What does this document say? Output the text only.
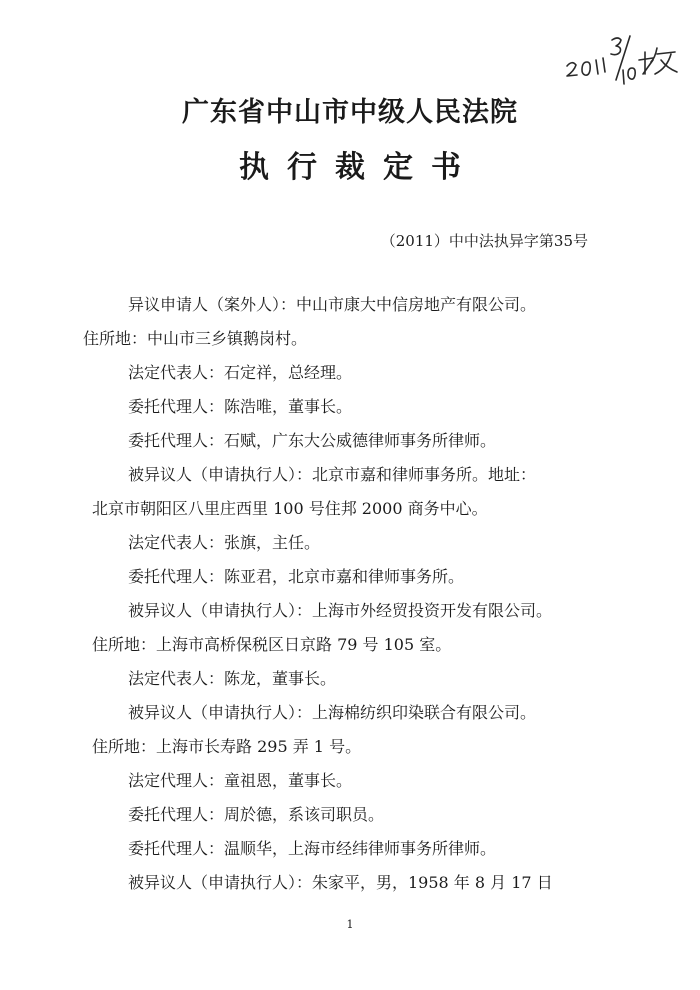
广东省中山市中级人民法院
执行裁定书
（2011）中中法执异字第35号
异议申请人（案外人）：中山市康大中信房地产有限公司。
住所地：中山市三乡镇鹅岗村。
法定代表人：石定祥，总经理。
委托代理人：陈浩唯，董事长。
委托代理人：石赋，广东大公威德律师事务所律师。
被异议人（申请执行人）：北京市嘉和律师事务所。地址：
北京市朝阳区八里庄西里 100 号住邦 2000 商务中心。
法定代表人：张旗，主任。
委托代理人：陈亚君，北京市嘉和律师事务所。
被异议人（申请执行人）：上海市外经贸投资开发有限公司。
住所地：上海市高桥保税区日京路 79 号 105 室。
法定代表人：陈龙，董事长。
被异议人（申请执行人）：上海棉纺织印染联合有限公司。
住所地：上海市长寿路 295 弄 1 号。
法定代理人：童祖恩，董事长。
委托代理人：周於德，系该司职员。
委托代理人：温顺华，上海市经纬律师事务所律师。
被异议人（申请执行人）：朱家平，男，1958 年 8 月 17 日
1
